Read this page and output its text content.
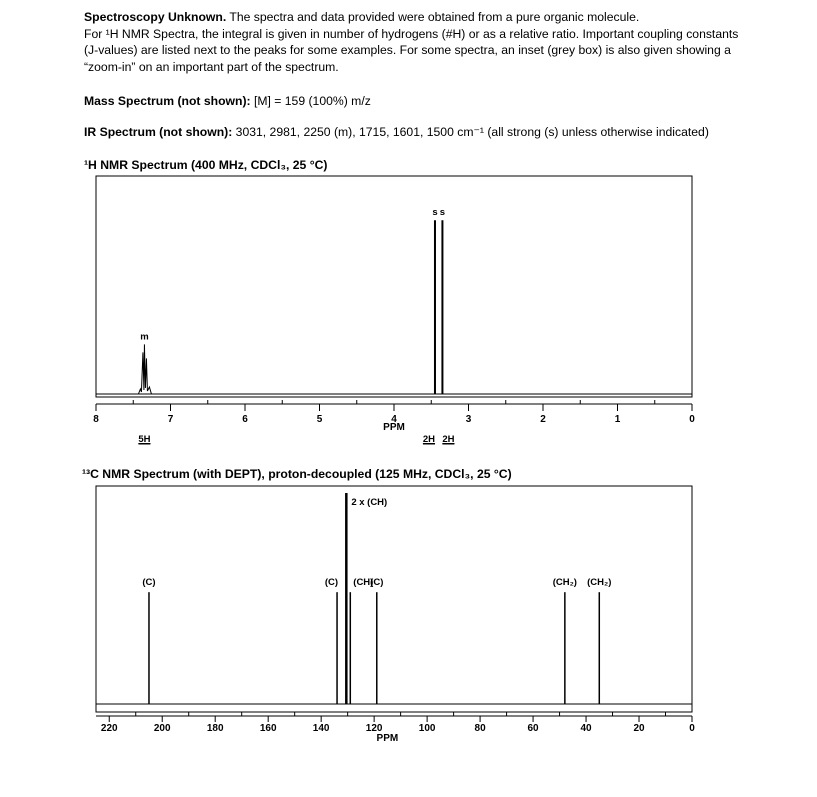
Spectroscopy Unknown. The spectra and data provided were obtained from a pure organic molecule.
For ¹H NMR Spectra, the integral is given in number of hydrogens (#H) or as a relative ratio. Important coupling constants
(J-values) are listed next to the peaks for some examples. For some spectra, an inset (grey box) is also given showing a
“zoom-in” on an important part of the spectrum.
Mass Spectrum (not shown): [M] = 159 (100%) m/z
IR Spectrum (not shown): 3031, 2981, 2250 (m), 1715, 1601, 1500 cm⁻¹ (all strong (s) unless otherwise indicated)
¹H NMR Spectrum (400 MHz, CDCl₃, 25 °C)
¹³C NMR Spectrum (with DEPT), proton-decoupled (125 MHz, CDCl₃, 25 °C)
8	7	6	5	4	3	2	1	0
PPM
m
5H
s
2H
s
2H
220	200	180	160	140	120	100	80	60	40	20	0
PPM
(C)	(C)
2 x (CH)
(CH)
(C)	(CH₂) (CH₂)
